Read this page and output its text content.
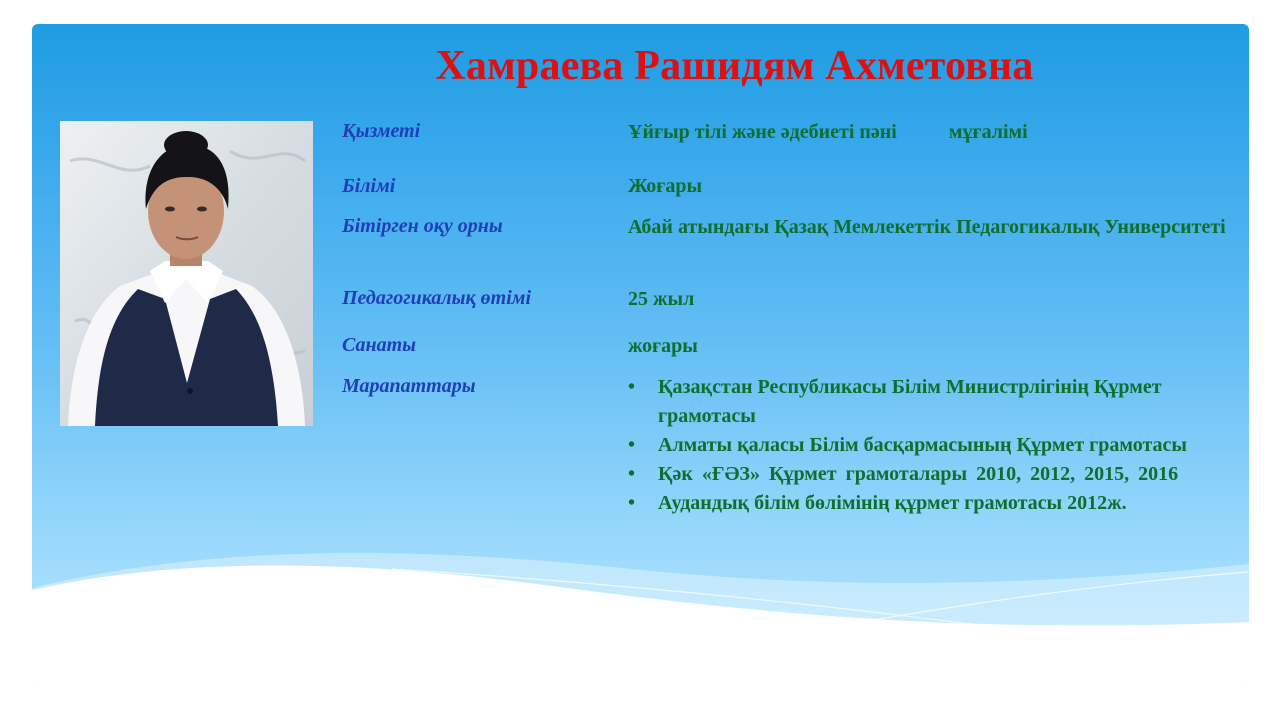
Хамраева Рашидям Ахметовна
Қызметі	Ұйғыр тілі және әдебиеті пәні	мұғалімі
Білімі	Жоғары
Бітірген оқу орны	Абай атындағы Қазақ Мемлекеттік Педагогикалық Университеті
Педагогикалық өтімі	25 жыл
Санаты	жоғары
Марапаттары
•	Қазақстан Республикасы Білім Министрлігінің Құрмет грамотасы
• Алматы қаласы Білім басқармасының Құрмет грамотасы
• Қәк «ҒӘЗ» Құрмет грамоталары 2010, 2012, 2015, 2016
• Аудандық білім бөлімінің құрмет грамотасы 2012ж.
